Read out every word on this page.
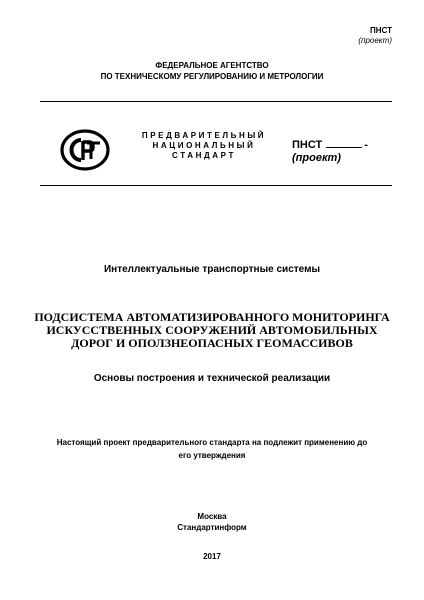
ПНСТ
(проект)
ФЕДЕРАЛЬНОЕ АГЕНТСТВО
ПО ТЕХНИЧЕСКОМУ РЕГУЛИРОВАНИЮ И МЕТРОЛОГИИ
ПРЕДВАРИТЕЛЬНЫЙ
НАЦИОНАЛЬНЫЙ
СТАНДАРТ
ПНСТ	-
(проект)
Интеллектуальные транспортные системы
ПОДСИСТЕМА АВТОМАТИЗИРОВАННОГО МОНИТОРИНГА
ИСКУССТВЕННЫХ СООРУЖЕНИЙ АВТОМОБИЛЬНЫХ
ДОРОГ И ОПОЛЗНЕОПАСНЫХ ГЕОМАССИВОВ
Основы построения и технической реализации
Настоящий проект предварительного стандарта на подлежит применению до
его утверждения
Москва
Стандартинформ
2017
